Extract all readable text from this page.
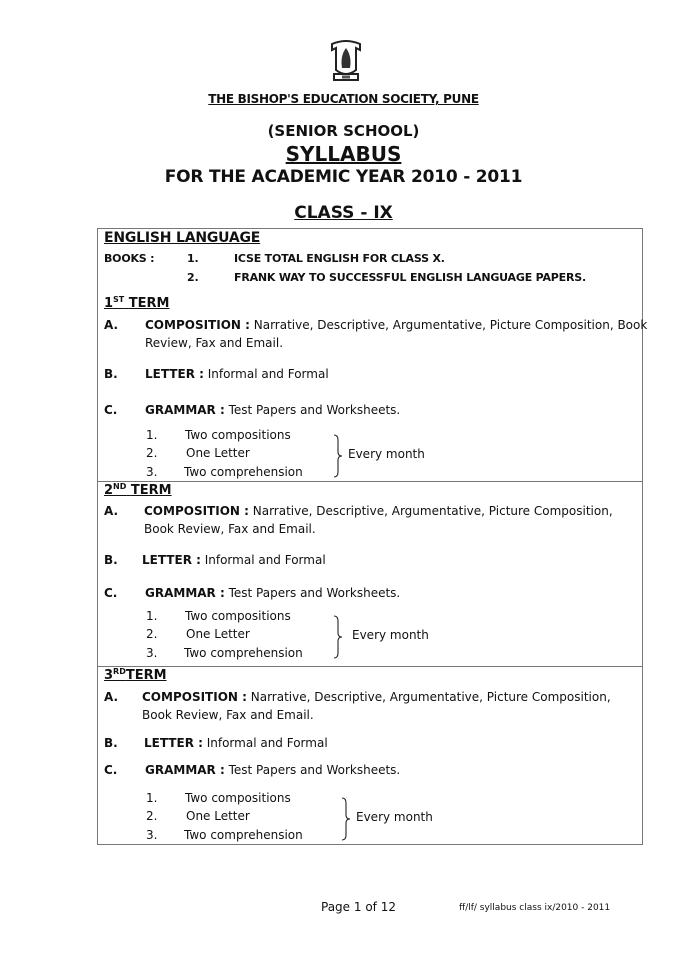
THE BISHOP'S EDUCATION SOCIETY, PUNE
(SENIOR SCHOOL)
SYLLABUS
FOR THE ACADEMIC YEAR 2010 - 2011
CLASS - IX
ENGLISH LANGUAGE
BOOKS :	1.	ICSE TOTAL ENGLISH FOR CLASS X.
2.	FRANK WAY TO SUCCESSFUL ENGLISH LANGUAGE PAPERS.
1ST TERM
A. COMPOSITION : Narrative, Descriptive, Argumentative, Picture Composition, Book
Review, Fax and Email.
B. LETTER : Informal and Formal
C. GRAMMAR : Test Papers and Worksheets.
1. Two compositions
2. One Letter
3. Two comprehension
Every month
2ND TERM
A. COMPOSITION : Narrative, Descriptive, Argumentative, Picture Composition,
Book Review, Fax and Email.
B. LETTER : Informal and Formal
C. GRAMMAR : Test Papers and Worksheets.
1. Two compositions
2. One Letter
3. Two comprehension
Every month
3RDTERM
A. COMPOSITION : Narrative, Descriptive, Argumentative, Picture Composition,
Book Review, Fax and Email.
B. LETTER : Informal and Formal
C. GRAMMAR : Test Papers and Worksheets.
1. Two compositions
2. One Letter
3. Two comprehension
Every month
Page 1 of 12	ff/lf/ syllabus class ix/2010 - 2011
